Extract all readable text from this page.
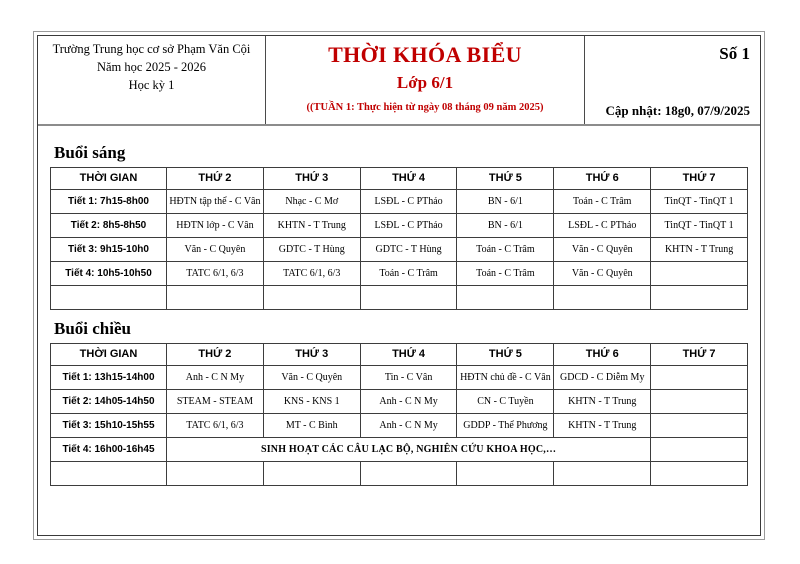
Trường Trung học cơ sở Phạm Văn Cội
Năm học 2025 - 2026
Học kỳ 1
THỜI KHÓA BIỂU
Lớp 6/1
((TUẦN 1: Thực hiện từ ngày 08 tháng 09 năm 2025)
Số 1
Cập nhật: 18g0, 07/9/2025
Buổi sáng
THỜI GIAN	THỨ 2	THỨ 3	THỨ 4	THỨ 5	THỨ 6	THỨ 7
Tiết 1: 7h15-8h00	HĐTN tập thể - C Vân	Nhạc - C Mơ	LSĐL - C PThảo	BN - 6/1	Toán - C Trâm	TinQT - TinQT 1
Tiết 2: 8h5-8h50	HĐTN lớp - C Vân	KHTN - T Trung	LSĐL - C PThảo	BN - 6/1	LSĐL - C PThảo	TinQT - TinQT 1
Tiết 3: 9h15-10h0	Văn - C Quyên	GDTC - T Hùng	GDTC - T Hùng	Toán - C Trâm	Văn - C Quyên	KHTN - T Trung
Tiết 4: 10h5-10h50	TATC 6/1, 6/3	TATC 6/1, 6/3	Toán - C Trâm	Toán - C Trâm	Văn - C Quyên	

Buổi chiều
THỜI GIAN	THỨ 2	THỨ 3	THỨ 4	THỨ 5	THỨ 6	THỨ 7
Tiết 1: 13h15-14h00	Anh - C N My	Văn - C Quyên	Tin - C Vân	HĐTN chủ đề - C Vân	GDCD - C Diễm My	
Tiết 2: 14h05-14h50	STEAM - STEAM	KNS - KNS 1	Anh - C N My	CN - C Tuyền	KHTN - T Trung	
Tiết 3: 15h10-15h55	TATC 6/1, 6/3	MT - C Bình	Anh - C N My	GDDP - Thể Phương	KHTN - T Trung	
Tiết 4: 16h00-16h45	SINH HOẠT CÁC CÂU LẠC BỘ, NGHIÊN CỨU KHOA HỌC,…					
